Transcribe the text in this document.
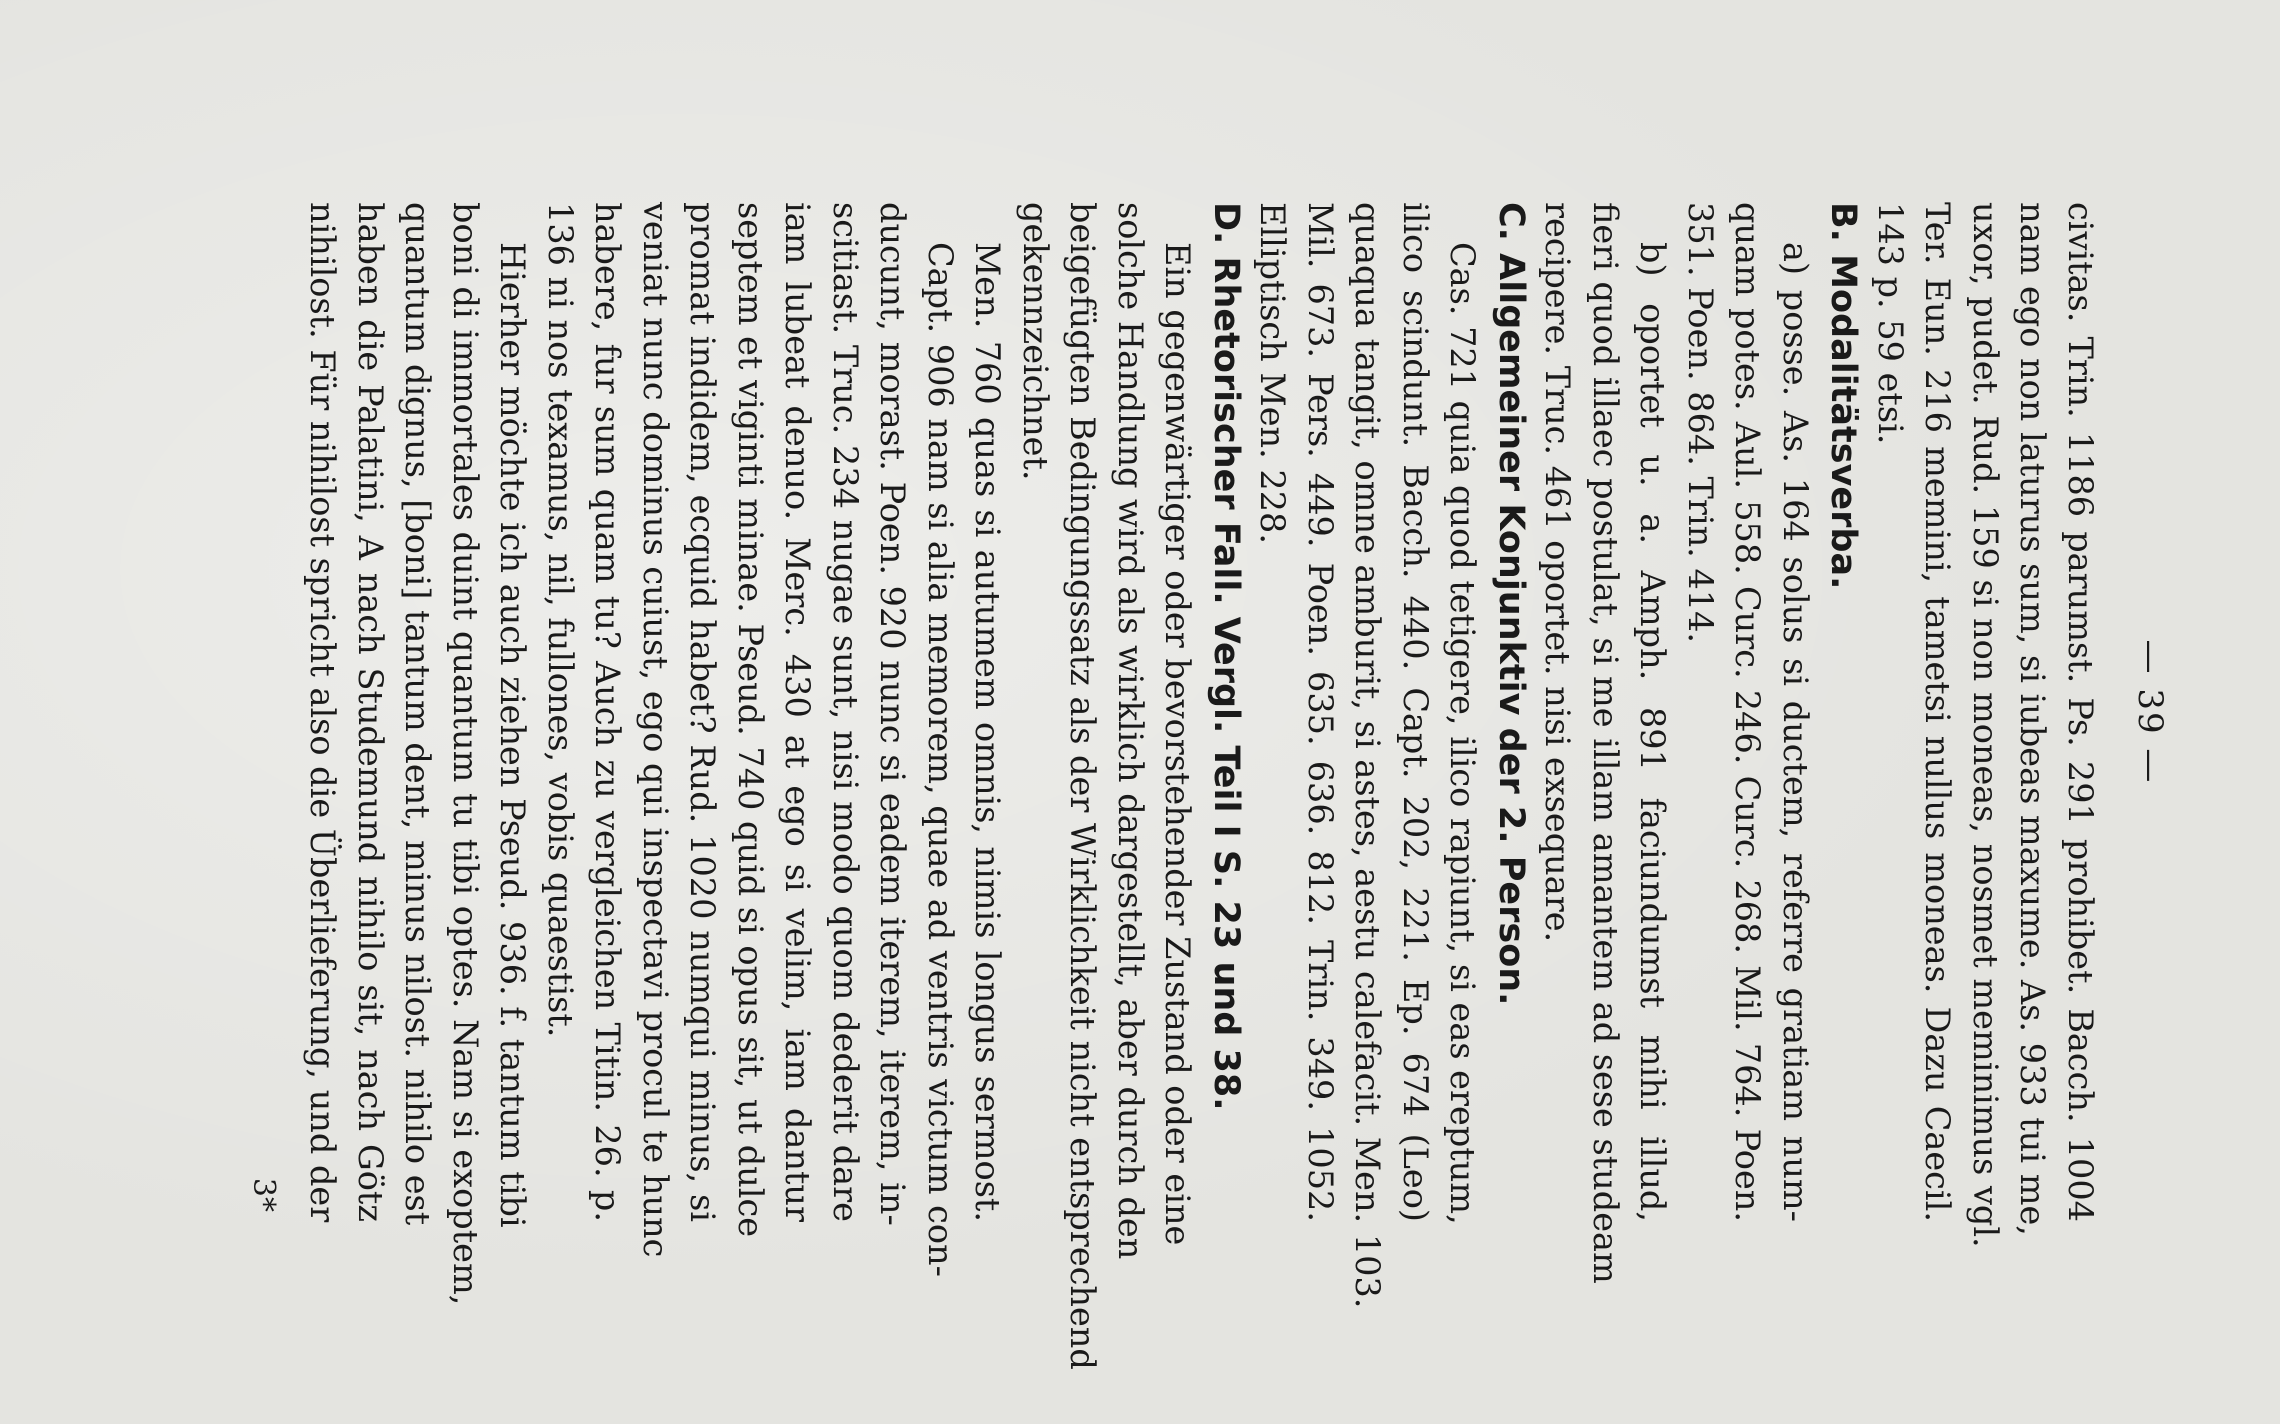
— 39 —
civitas. Trin. 1186 parumst. Ps. 291 prohibet. Bacch. 1004
nam ego non laturus sum, si iubeas maxume. As. 933 tui me,
uxor, pudet. Rud. 159 si non moneas, nosmet meminimus vgl.
Ter. Eun. 216 memini, tametsi nullus moneas. Dazu Caecil.
143 p. 59 etsi.
B. Modalitätsverba.
a) posse. As. 164 solus si ductem, referre gratiam num-
quam potes. Aul. 558. Curc. 246. Curc. 268. Mil. 764. Poen.
351. Poen. 864. Trin. 414.
b) oportet u. a. Amph. 891 faciundumst mihi illud,
fieri quod illaec postulat, si me illam amantem ad sese studeam
recipere. Truc. 461 oportet. nisi exsequare.
C. Allgemeiner Konjunktiv der 2. Person.
Cas. 721 quia quod tetigere, ilico rapiunt, si eas ereptum,
ilico scindunt. Bacch. 440. Capt. 202, 221. Ep. 674 (Leo)
quaqua tangit, omne amburit, si astes, aestu calefacit. Men. 103.
Mil. 673. Pers. 449. Poen. 635. 636. 812. Trin. 349. 1052.
Elliptisch Men. 228.
D. Rhetorischer Fall. Vergl. Teil I S. 23 und 38.
Ein gegenwärtiger oder bevorstehender Zustand oder eine
solche Handlung wird als wirklich dargestellt, aber durch den
beigefügten Bedingungssatz als der Wirklichkeit nicht entsprechend
gekennzeichnet.
Men. 760 quas si autumem omnis, nimis longus sermost.
Capt. 906 nam si alia memorem, quae ad ventris victum con-
ducunt, morast. Poen. 920 nunc si eadem iterem, iterem, in-
scitiast. Truc. 234 nugae sunt, nisi modo quom dederit dare
iam lubeat denuo. Merc. 430 at ego si velim, iam dantur
septem et viginti minae. Pseud. 740 quid si opus sit, ut dulce
promat indidem, ecquid habet? Rud. 1020 numqui minus, si
veniat nunc dominus cuiust, ego qui inspectavi procul te hunc
habere, fur sum quam tu? Auch zu vergleichen Titin. 26. p.
136 ni nos texamus, nil, fullones, vobis quaestist.
Hierher möchte ich auch ziehen Pseud. 936. f. tantum tibi
boni di immortales duint quantum tu tibi optes. Nam si exoptem,
quantum dignus, [boni] tantum dent, minus nilost. nihilo est
haben die Palatini, A nach Studemund nihilo sit, nach Götz
nihilost. Für nihilost spricht also die Überlieferung, und der
3*
